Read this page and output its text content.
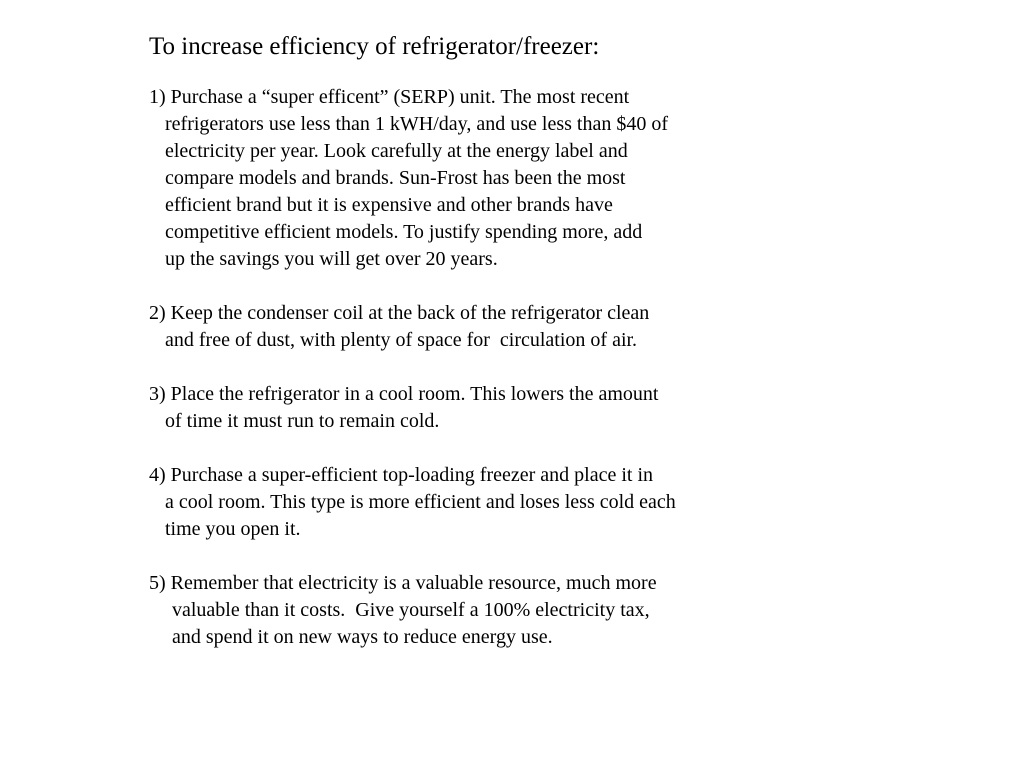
To increase efficiency of refrigerator/freezer:
1) Purchase a “super efficent” (SERP) unit. The most recent
refrigerators use less than 1 kWH/day, and use less than $40 of
electricity per year. Look carefully at the energy label and
compare models and brands. Sun-Frost has been the most
efficient brand but it is expensive and other brands have
competitive efficient models. To justify spending more, add
up the savings you will get over 20 years.
2) Keep the condenser coil at the back of the refrigerator clean
and free of dust, with plenty of space for  circulation of air.
3) Place the refrigerator in a cool room. This lowers the amount
of time it must run to remain cold.
4) Purchase a super-efficient top-loading freezer and place it in
a cool room. This type is more efficient and loses less cold each
time you open it.
5) Remember that electricity is a valuable resource, much more
valuable than it costs.  Give yourself a 100% electricity tax,
and spend it on new ways to reduce energy use.
